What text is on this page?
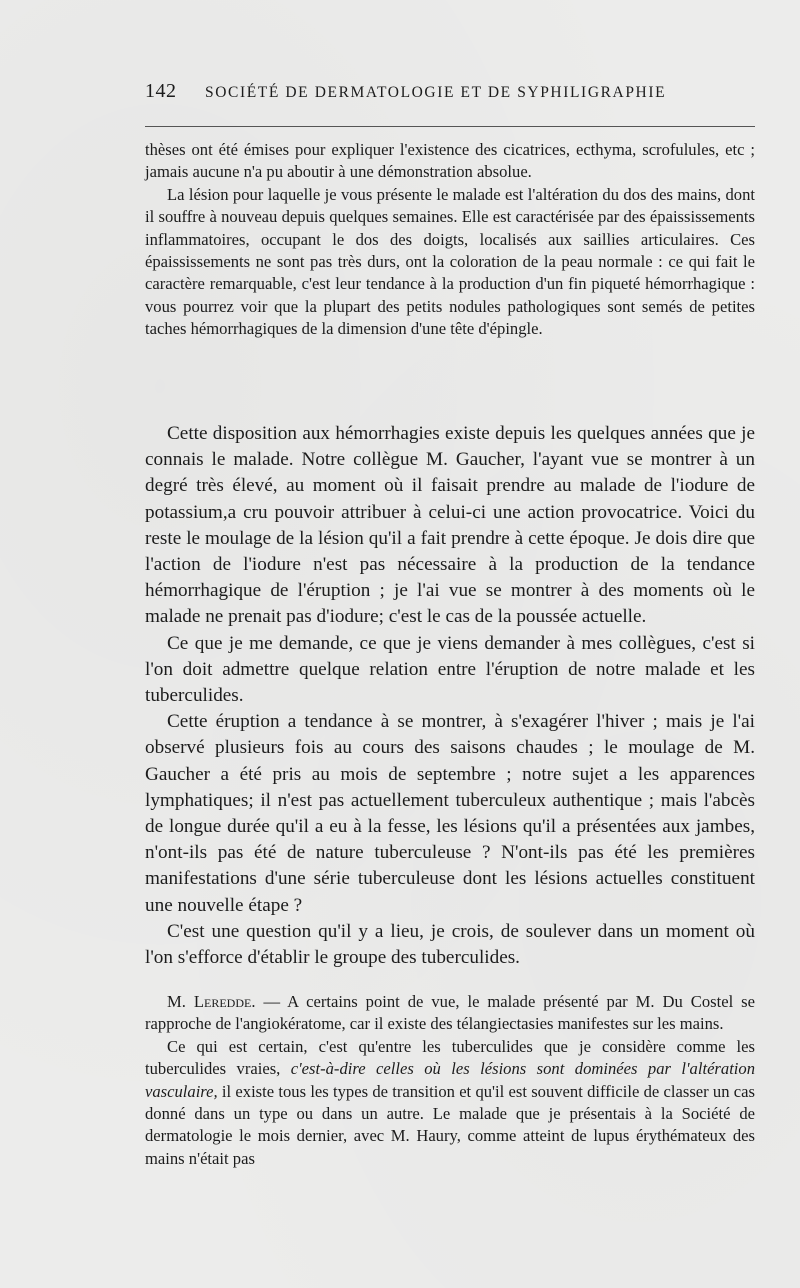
142	SOCIÉTÉ DE DERMATOLOGIE ET DE SYPHILIGRAPHIE

thèses ont été émises pour expliquer l'existence des cicatrices, ecthyma, scrofulules, etc ; jamais aucune n'a pu aboutir à une démonstration absolue.

La lésion pour laquelle je vous présente le malade est l'altération du dos des mains, dont il souffre à nouveau depuis quelques semaines. Elle est caractérisée par des épaississements inflammatoires, occupant le dos des doigts, localisés aux saillies articulaires. Ces épaississements ne sont pas très durs, ont la coloration de la peau normale : ce qui fait le caractère remarquable, c'est leur tendance à la production d'un fin piqueté hémorrhagique : vous pourrez voir que la plupart des petits nodules pathologiques sont semés de petites taches hémorrhagiques de la dimension d'une tête d'épingle.

Cette disposition aux hémorrhagies existe depuis les quelques années que je connais le malade. Notre collègue M. Gaucher, l'ayant vue se montrer à un degré très élevé, au moment où il faisait prendre au malade de l'iodure de potassium,a cru pouvoir attribuer à celui-ci une action provocatrice. Voici du reste le moulage de la lésion qu'il a fait prendre à cette époque. Je dois dire que l'action de l'iodure n'est pas nécessaire à la production de la tendance hémorrhagique de l'éruption ; je l'ai vue se montrer à des moments où le malade ne prenait pas d'iodure; c'est le cas de la poussée actuelle.

Ce que je me demande, ce que je viens demander à mes collègues, c'est si l'on doit admettre quelque relation entre l'éruption de notre malade et les tuberculides.

Cette éruption a tendance à se montrer, à s'exagérer l'hiver ; mais je l'ai observé plusieurs fois au cours des saisons chaudes ; le moulage de M. Gaucher a été pris au mois de septembre ; notre sujet a les apparences lymphatiques; il n'est pas actuellement tuberculeux authentique ; mais l'abcès de longue durée qu'il a eu à la fesse, les lésions qu'il a présentées aux jambes, n'ont-ils pas été de nature tuberculeuse ? N'ont-ils pas été les premières manifestations d'une série tuberculeuse dont les lésions actuelles constituent une nouvelle étape ?

C'est une question qu'il y a lieu, je crois, de soulever dans un moment où l'on s'efforce d'établir le groupe des tuberculides.

M. Leredde. — A certains point de vue, le malade présenté par M. Du Costel se rapproche de l'angiokératome, car il existe des télangiectasies manifestes sur les mains.

Ce qui est certain, c'est qu'entre les tuberculides que je considère comme les tuberculides vraies, c'est-à-dire celles où les lésions sont dominées par l'altération vasculaire, il existe tous les types de transition et qu'il est souvent difficile de classer un cas donné dans un type ou dans un autre. Le malade que je présentais à la Société de dermatologie le mois dernier, avec M. Haury, comme atteint de lupus érythémateux des mains n'était pas
